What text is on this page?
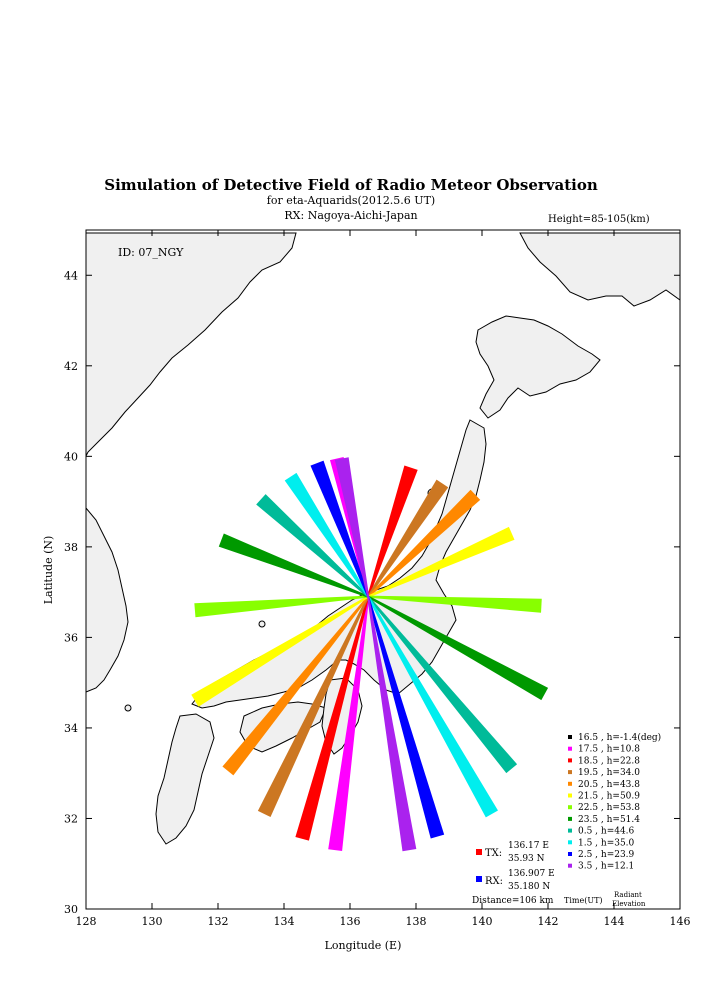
Simulation of Detective Field of Radio Meteor Observation
for eta-Aquarids(2012.5.6 UT)
RX: Nagoya-Aichi-Japan	Height=85-105(km)
128	130	132	134	136	138	140	142	144	146
30
32
34
36
38
40
42
44
16.5 , h=-1.4(deg)
17.5 , h=10.8
18.5 , h=22.8
19.5 , h=34.0
20.5 , h=43.8
21.5 , h=50.9
22.5 , h=53.8
23.5 , h=51.4
0.5 , h=44.6
1.5 , h=35.0
2.5 , h=23.9
3.5 , h=12.1
ID: 07_NGY
Longitude (E)
Latitude (N)
TX:
136.17 E
35.93 N
RX:
136.907 E
35.180 N
Distance=106 km Time(UT)
Radiant
Elevation
